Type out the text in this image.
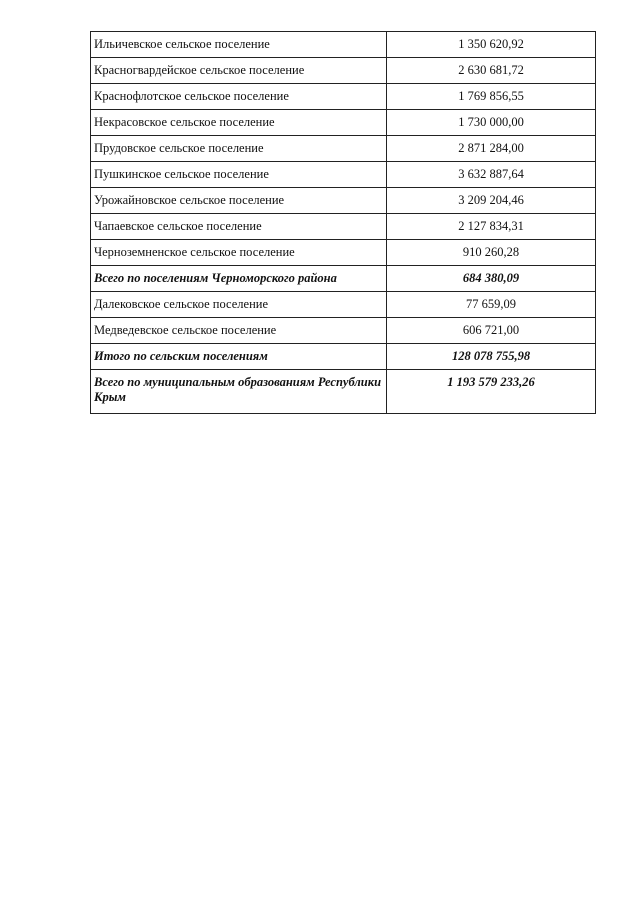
Ильичевское сельское поселение	1 350 620,92
Красногвардейское сельское поселение	2 630 681,72
Краснофлотское сельское поселение	1 769 856,55
Некрасовское сельское поселение	1 730 000,00
Прудовское сельское поселение	2 871 284,00
Пушкинское сельское поселение	3 632 887,64
Урожайновское сельское поселение	3 209 204,46
Чапаевское сельское поселение	2 127 834,31
Черноземненское сельское поселение	910 260,28
Всего по поселениям Черноморского района	684 380,09
Далековское сельское поселение	77 659,09
Медведевское сельское поселение	606 721,00
Итого по сельским поселениям	128 078 755,98
Всего по муниципальным образованиям Республики Крым	1 193 579 233,26
